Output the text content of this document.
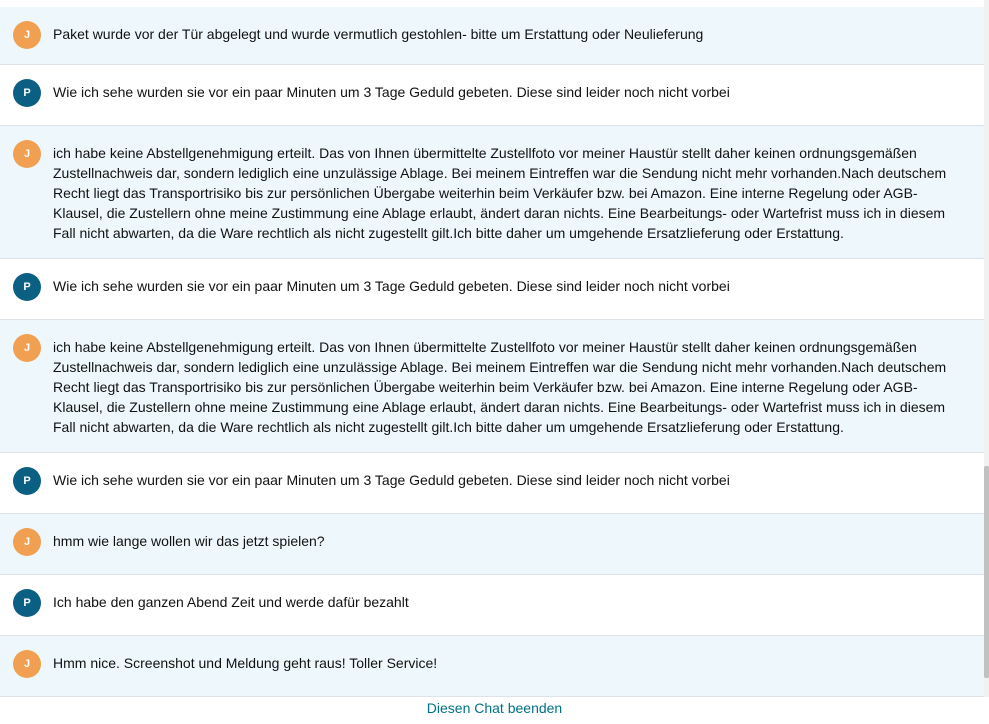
J	Paket wurde vor der Tür abgelegt und wurde vermutlich gestohlen- bitte um Erstattung oder Neulieferung
P	Wie ich sehe wurden sie vor ein paar Minuten um 3 Tage Geduld gebeten. Diese sind leider noch nicht vorbei
J	ich habe keine Abstellgenehmigung erteilt. Das von Ihnen übermittelte Zustellfoto vor meiner Haustür stellt daher keinen ordnungsgemäßen Zustellnachweis dar, sondern lediglich eine unzulässige Ablage. Bei meinem Eintreffen war die Sendung nicht mehr vorhanden.Nach deutschem Recht liegt das Transportrisiko bis zur persönlichen Übergabe weiterhin beim Verkäufer bzw. bei Amazon. Eine interne Regelung oder AGB-Klausel, die Zustellern ohne meine Zustimmung eine Ablage erlaubt, ändert daran nichts. Eine Bearbeitungs- oder Wartefrist muss ich in diesem Fall nicht abwarten, da die Ware rechtlich als nicht zugestellt gilt.Ich bitte daher um umgehende Ersatzlieferung oder Erstattung.
P	Wie ich sehe wurden sie vor ein paar Minuten um 3 Tage Geduld gebeten. Diese sind leider noch nicht vorbei
J	ich habe keine Abstellgenehmigung erteilt. Das von Ihnen übermittelte Zustellfoto vor meiner Haustür stellt daher keinen ordnungsgemäßen Zustellnachweis dar, sondern lediglich eine unzulässige Ablage. Bei meinem Eintreffen war die Sendung nicht mehr vorhanden.Nach deutschem Recht liegt das Transportrisiko bis zur persönlichen Übergabe weiterhin beim Verkäufer bzw. bei Amazon. Eine interne Regelung oder AGB-Klausel, die Zustellern ohne meine Zustimmung eine Ablage erlaubt, ändert daran nichts. Eine Bearbeitungs- oder Wartefrist muss ich in diesem Fall nicht abwarten, da die Ware rechtlich als nicht zugestellt gilt.Ich bitte daher um umgehende Ersatzlieferung oder Erstattung.
P	Wie ich sehe wurden sie vor ein paar Minuten um 3 Tage Geduld gebeten. Diese sind leider noch nicht vorbei
J	hmm wie lange wollen wir das jetzt spielen?
P	Ich habe den ganzen Abend Zeit und werde dafür bezahlt
J	Hmm nice. Screenshot und Meldung geht raus! Toller Service!
Diesen Chat beenden
